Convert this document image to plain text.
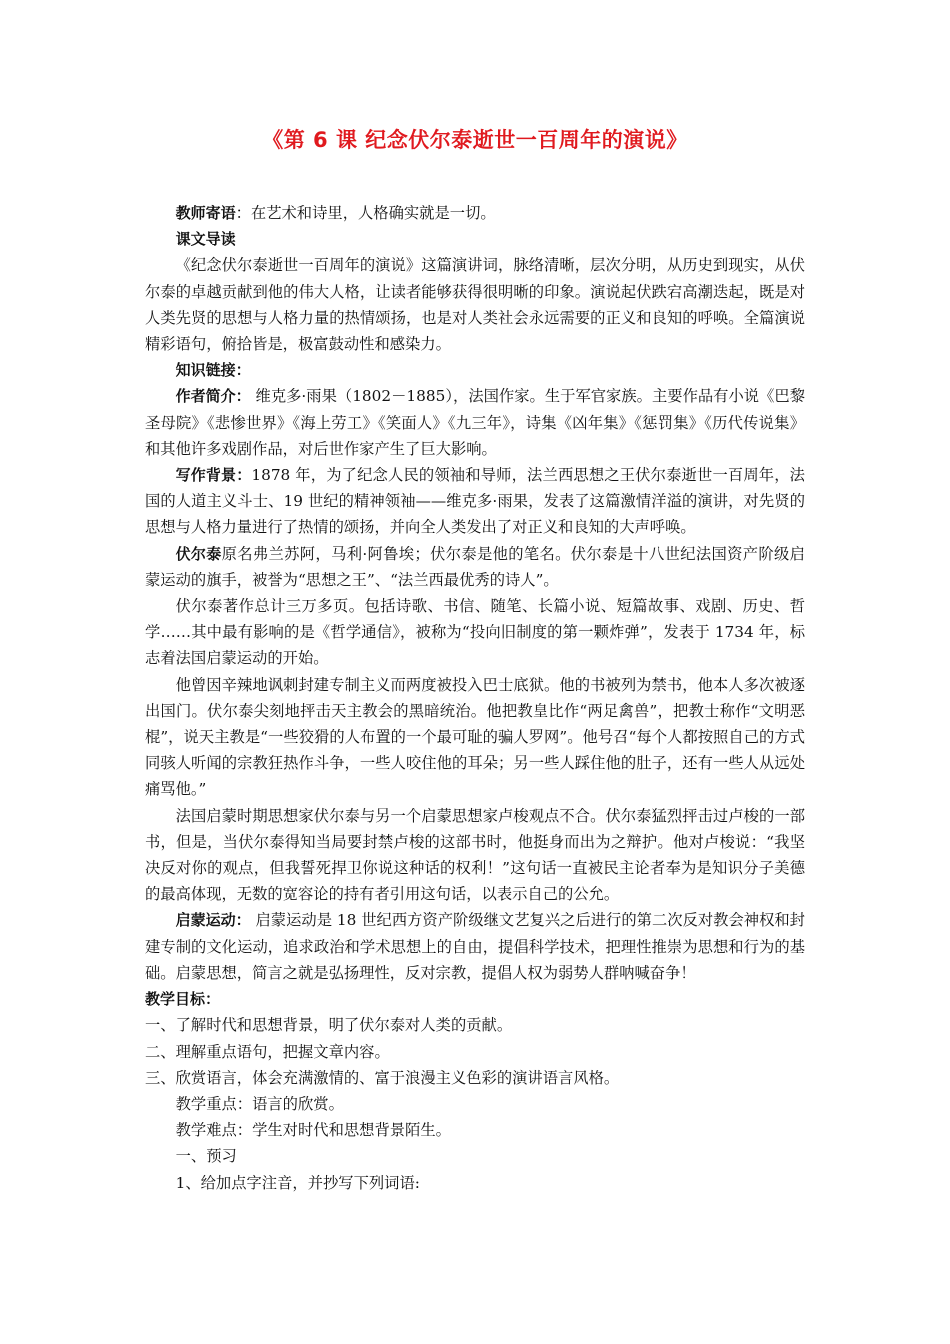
《第 6 课 纪念伏尔泰逝世一百周年的演说》

教师寄语：在艺术和诗里，人格确实就是一切。

课文导读

《纪念伏尔泰逝世一百周年的演说》这篇演讲词，脉络清晰，层次分明，从历史到现实，从伏尔泰的卓越贡献到他的伟大人格，让读者能够获得很明晰的印象。演说起伏跌宕高潮迭起，既是对人类先贤的思想与人格力量的热情颂扬，也是对人类社会永远需要的正义和良知的呼唤。全篇演说精彩语句，俯拾皆是，极富鼓动性和感染力。

知识链接：

作者简介： 维克多·雨果（1802－1885），法国作家。生于军官家族。主要作品有小说《巴黎圣母院》《悲惨世界》《海上劳工》《笑面人》《九三年》，诗集《凶年集》《惩罚集》《历代传说集》和其他许多戏剧作品，对后世作家产生了巨大影响。

写作背景：1878 年，为了纪念人民的领袖和导师，法兰西思想之王伏尔泰逝世一百周年，法国的人道主义斗士、19 世纪的精神领袖——维克多·雨果，发表了这篇激情洋溢的演讲，对先贤的思想与人格力量进行了热情的颂扬，并向全人类发出了对正义和良知的大声呼唤。

伏尔泰原名弗兰苏阿，马利·阿鲁埃；伏尔泰是他的笔名。伏尔泰是十八世纪法国资产阶级启蒙运动的旗手，被誉为“思想之王”、“法兰西最优秀的诗人”。

伏尔泰著作总计三万多页。包括诗歌、书信、随笔、长篇小说、短篇故事、戏剧、历史、哲学……其中最有影响的是《哲学通信》，被称为“投向旧制度的第一颗炸弹”，发表于 1734 年，标志着法国启蒙运动的开始。

他曾因辛辣地讽刺封建专制主义而两度被投入巴士底狱。他的书被列为禁书，他本人多次被逐出国门。伏尔泰尖刻地抨击天主教会的黑暗统治。他把教皇比作“两足禽兽”，把教士称作“文明恶棍”，说天主教是“一些狡猾的人布置的一个最可耻的骗人罗网”。他号召“每个人都按照自己的方式同骇人听闻的宗教狂热作斗争，一些人咬住他的耳朵；另一些人踩住他的肚子，还有一些人从远处痛骂他。”

法国启蒙时期思想家伏尔泰与另一个启蒙思想家卢梭观点不合。伏尔泰猛烈抨击过卢梭的一部书，但是，当伏尔泰得知当局要封禁卢梭的这部书时，他挺身而出为之辩护。他对卢梭说：“我坚决反对你的观点，但我誓死捍卫你说这种话的权利！”这句话一直被民主论者奉为是知识分子美德的最高体现，无数的宽容论的持有者引用这句话，以表示自己的公允。

启蒙运动： 启蒙运动是 18 世纪西方资产阶级继文艺复兴之后进行的第二次反对教会神权和封建专制的文化运动，追求政治和学术思想上的自由，提倡科学技术，把理性推崇为思想和行为的基础。启蒙思想，简言之就是弘扬理性，反对宗教，提倡人权为弱势人群呐喊奋争！

教学目标：

一、了解时代和思想背景，明了伏尔泰对人类的贡献。

二、理解重点语句，把握文章内容。

三、欣赏语言，体会充满激情的、富于浪漫主义色彩的演讲语言风格。

教学重点：语言的欣赏。

教学难点：学生对时代和思想背景陌生。

一、预习

1、给加点字注音，并抄写下列词语:
